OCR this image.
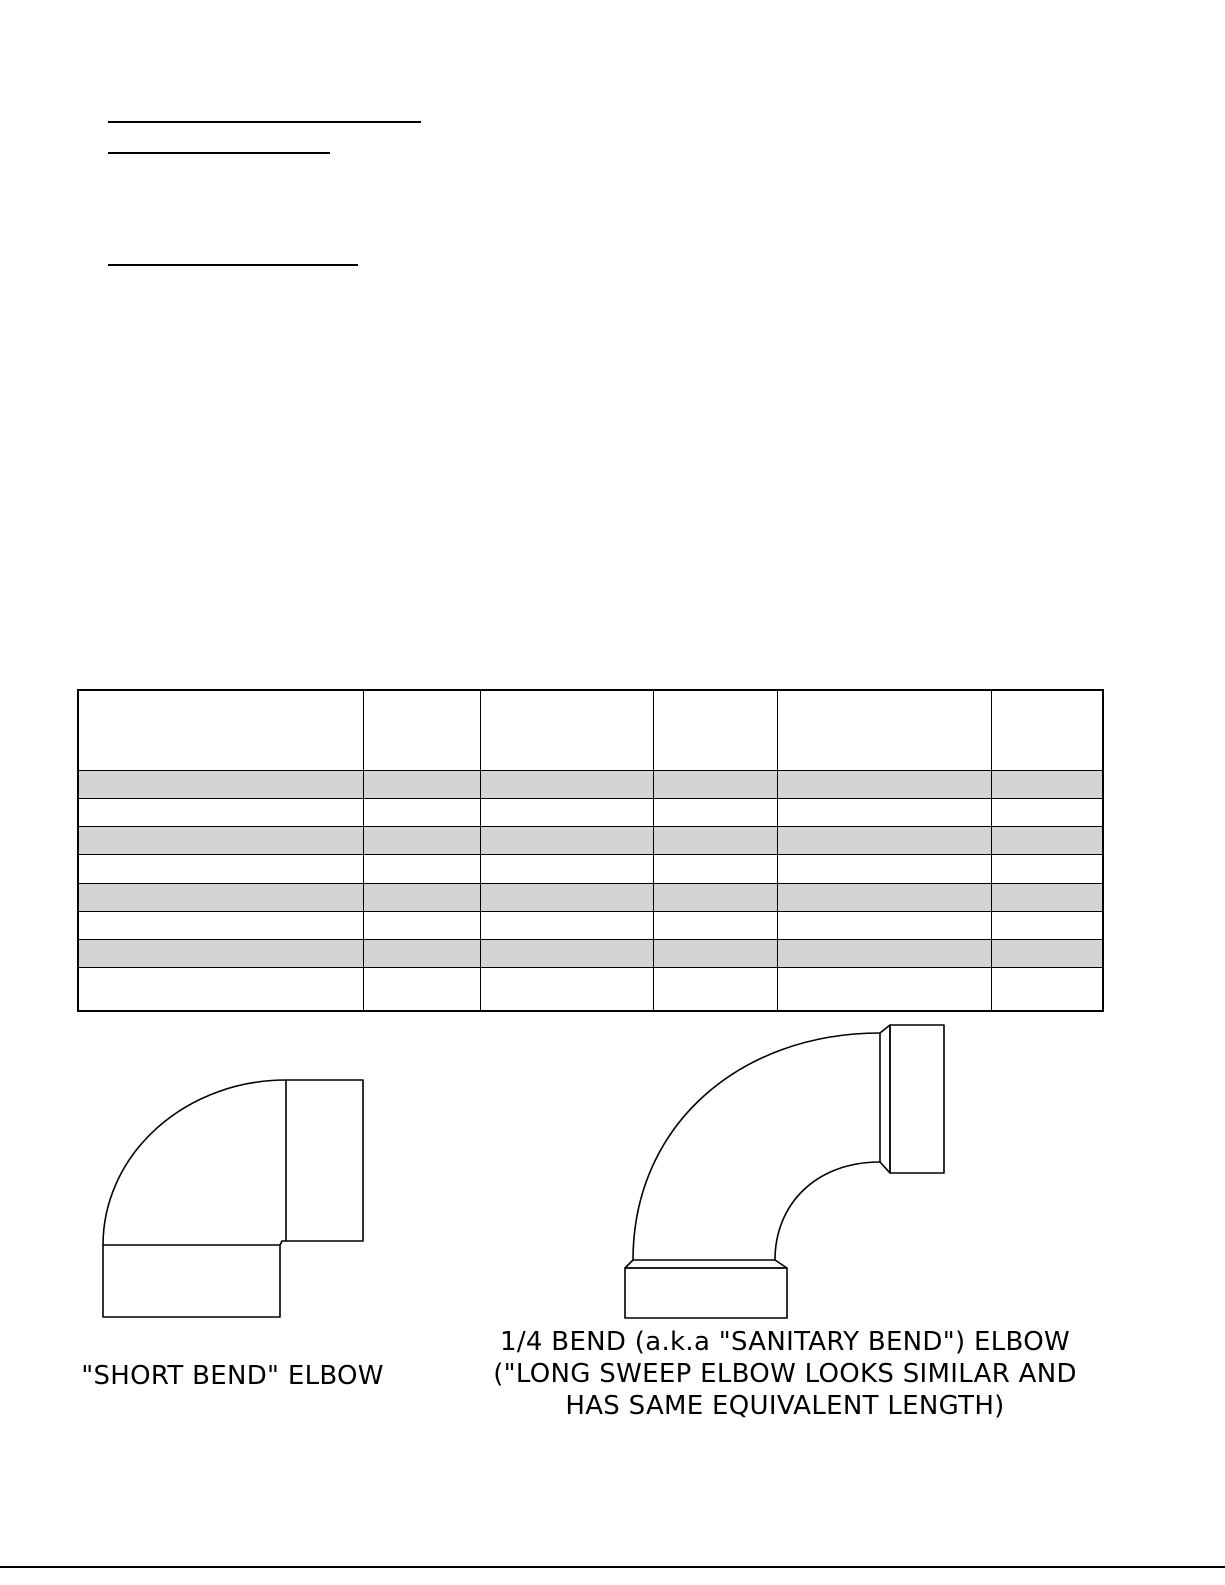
"SHORT BEND" ELBOW
1/4 BEND (a.k.a "SANITARY BEND") ELBOW
("LONG SWEEP ELBOW LOOKS SIMILAR AND
HAS SAME EQUIVALENT LENGTH)
